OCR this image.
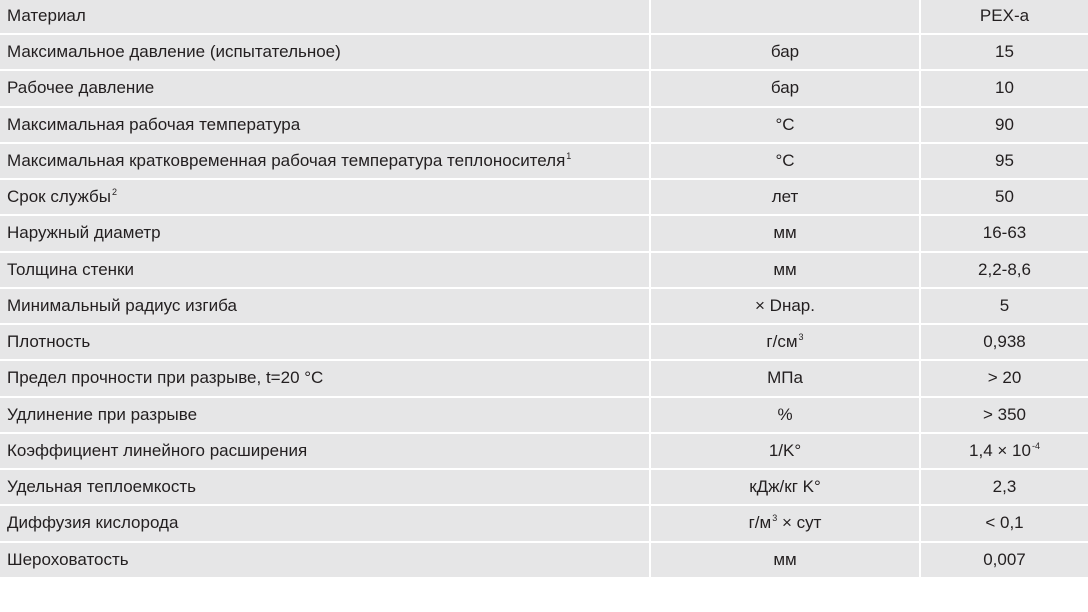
Материал		PEX-a
Максимальное давление (испытательное)	бар	15
Рабочее давление	бар	10
Максимальная рабочая температура	°C	90
Максимальная кратковременная рабочая температура теплоносителя$^1$	°C	95
Срок службы$^2$	лет	50
Наружный диаметр	мм	16-63
Толщина стенки	мм	2,2-8,6
Минимальный радиус изгиба	× Dнар.	5
Плотность	$г/см^3$	0,938
Предел прочности при разрыве, t=20 °C	МПа	> 20
Удлинение при разрыве	%	> 350
Коэффициент линейного расширения	1/K°	$1,4 \times 10^{-4}$
Удельная теплоемкость	кДж/кг K°	2,3
Диффузия кислорода	$г/м^3$ × сут	< 0,1
Шероховатость	мм	0,007
